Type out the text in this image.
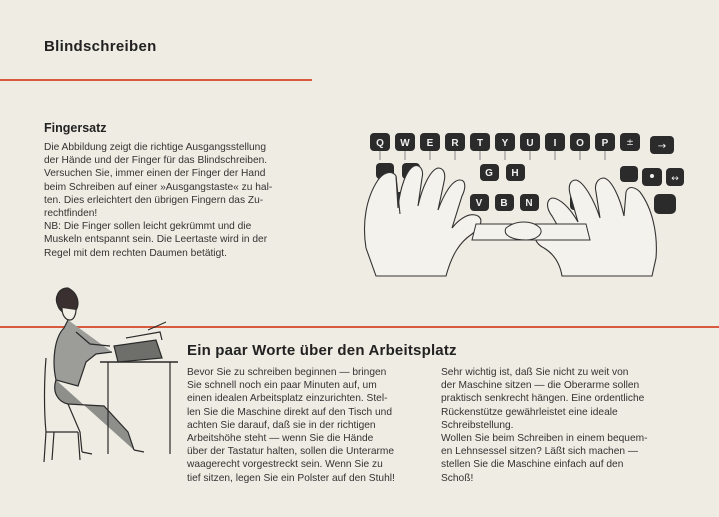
Blindschreiben
Fingersatz

Die Abbildung zeigt die richtige Ausgangsstellung
der Hände und der Finger für das Blindschreiben.
Versuchen Sie, immer einen der Finger der Hand
beim Schreiben auf einer »Ausgangstaste« zu hal-
ten. Dies erleichtert den übrigen Fingern das Zu-
rechtfinden!
NB: Die Finger sollen leicht gekrümmt und die
Muskeln entspannt sein. Die Leertaste wird in der
Regel mit dem rechten Daumen betätigt.

Q W E R T Y U I O P ± →
G H	↔
V B N
Ein paar Worte über den Arbeitsplatz

Bevor Sie zu schreiben beginnen — bringen
Sie schnell noch ein paar Minuten auf, um
einen idealen Arbeitsplatz einzurichten. Stel-
len Sie die Maschine direkt auf den Tisch und
achten Sie darauf, daß sie in der richtigen
Arbeitshöhe steht — wenn Sie die Hände
über der Tastatur halten, sollen die Unterarme
waagerecht vorgestreckt sein. Wenn Sie zu
tief sitzen, legen Sie ein Polster auf den Stuhl!

Sehr wichtig ist, daß Sie nicht zu weit von
der Maschine sitzen — die Oberarme sollen
praktisch senkrecht hängen. Eine ordentliche
Rückenstütze gewährleistet eine ideale
Schreibstellung.
Wollen Sie beim Schreiben in einem bequem-
en Lehnsessel sitzen? Läßt sich machen —
stellen Sie die Maschine einfach auf den
Schoß!
